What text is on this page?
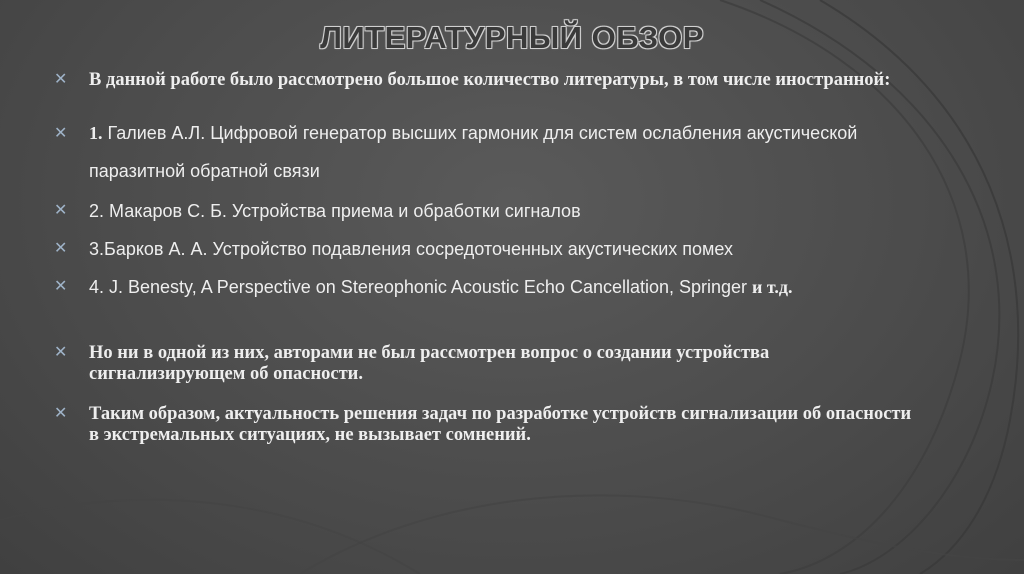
ЛИТЕРАТУРНЫЙ ОБЗОР
✕ В данной работе было рассмотрено большое количество литературы, в том числе иностранной:
✕ 1. Галиев А.Л. Цифровой генератор высших гармоник для систем ослабления акустической паразитной обратной связи
✕ 2. Макаров С. Б. Устройства приема и обработки сигналов
✕ 3.Барков А. А. Устройство подавления сосредоточенных акустических помех
✕ 4. J. Benesty, A Perspective on Stereophonic Acoustic Echo Cancellation, Springer и т.д.
✕ Но ни в одной из них, авторами не был рассмотрен вопрос о создании устройства сигнализирующем об опасности.
✕ Таким образом, актуальность решения задач по разработке устройств сигнализации об опасности в экстремальных ситуациях, не вызывает сомнений.
